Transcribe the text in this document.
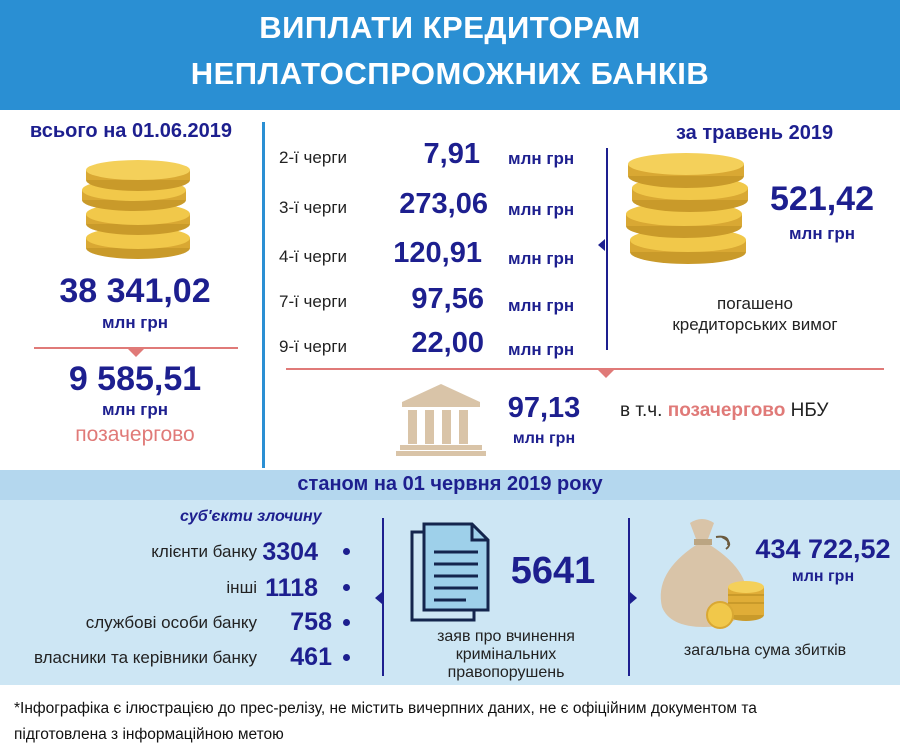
ВИПЛАТИ КРЕДИТОРАМ
НЕПЛАТОСПРОМОЖНИХ БАНКІВ
всього на 01.06.2019
38 341,02
млн грн
9 585,51
млн грн
позачергово
2-ї черги	7,91 млн грн
3-ї черги	273,06 млн грн
4-ї черги	120,91 млн грн
7-ї черги	97,56 млн грн
9-ї черги	22,00 млн грн
за травень 2019
521,42
млн грн
погашено
кредиторських вимог
97,13
млн грн
в т.ч. позачергово НБУ
станом на 01 червня 2019 року
суб'єкти злочину
клієнти банку 3304
інші 1118
службові особи банку	758
власники та керівники банку	461
5641
заяв про вчинення
кримінальних
правопорушень
434 722,52
млн грн
загальна сума збитків
*Інфографіка є ілюстрацією до прес-релізу, не містить вичерпних даних, не є офіційним документом та
підготовлена з інформаційною метою
